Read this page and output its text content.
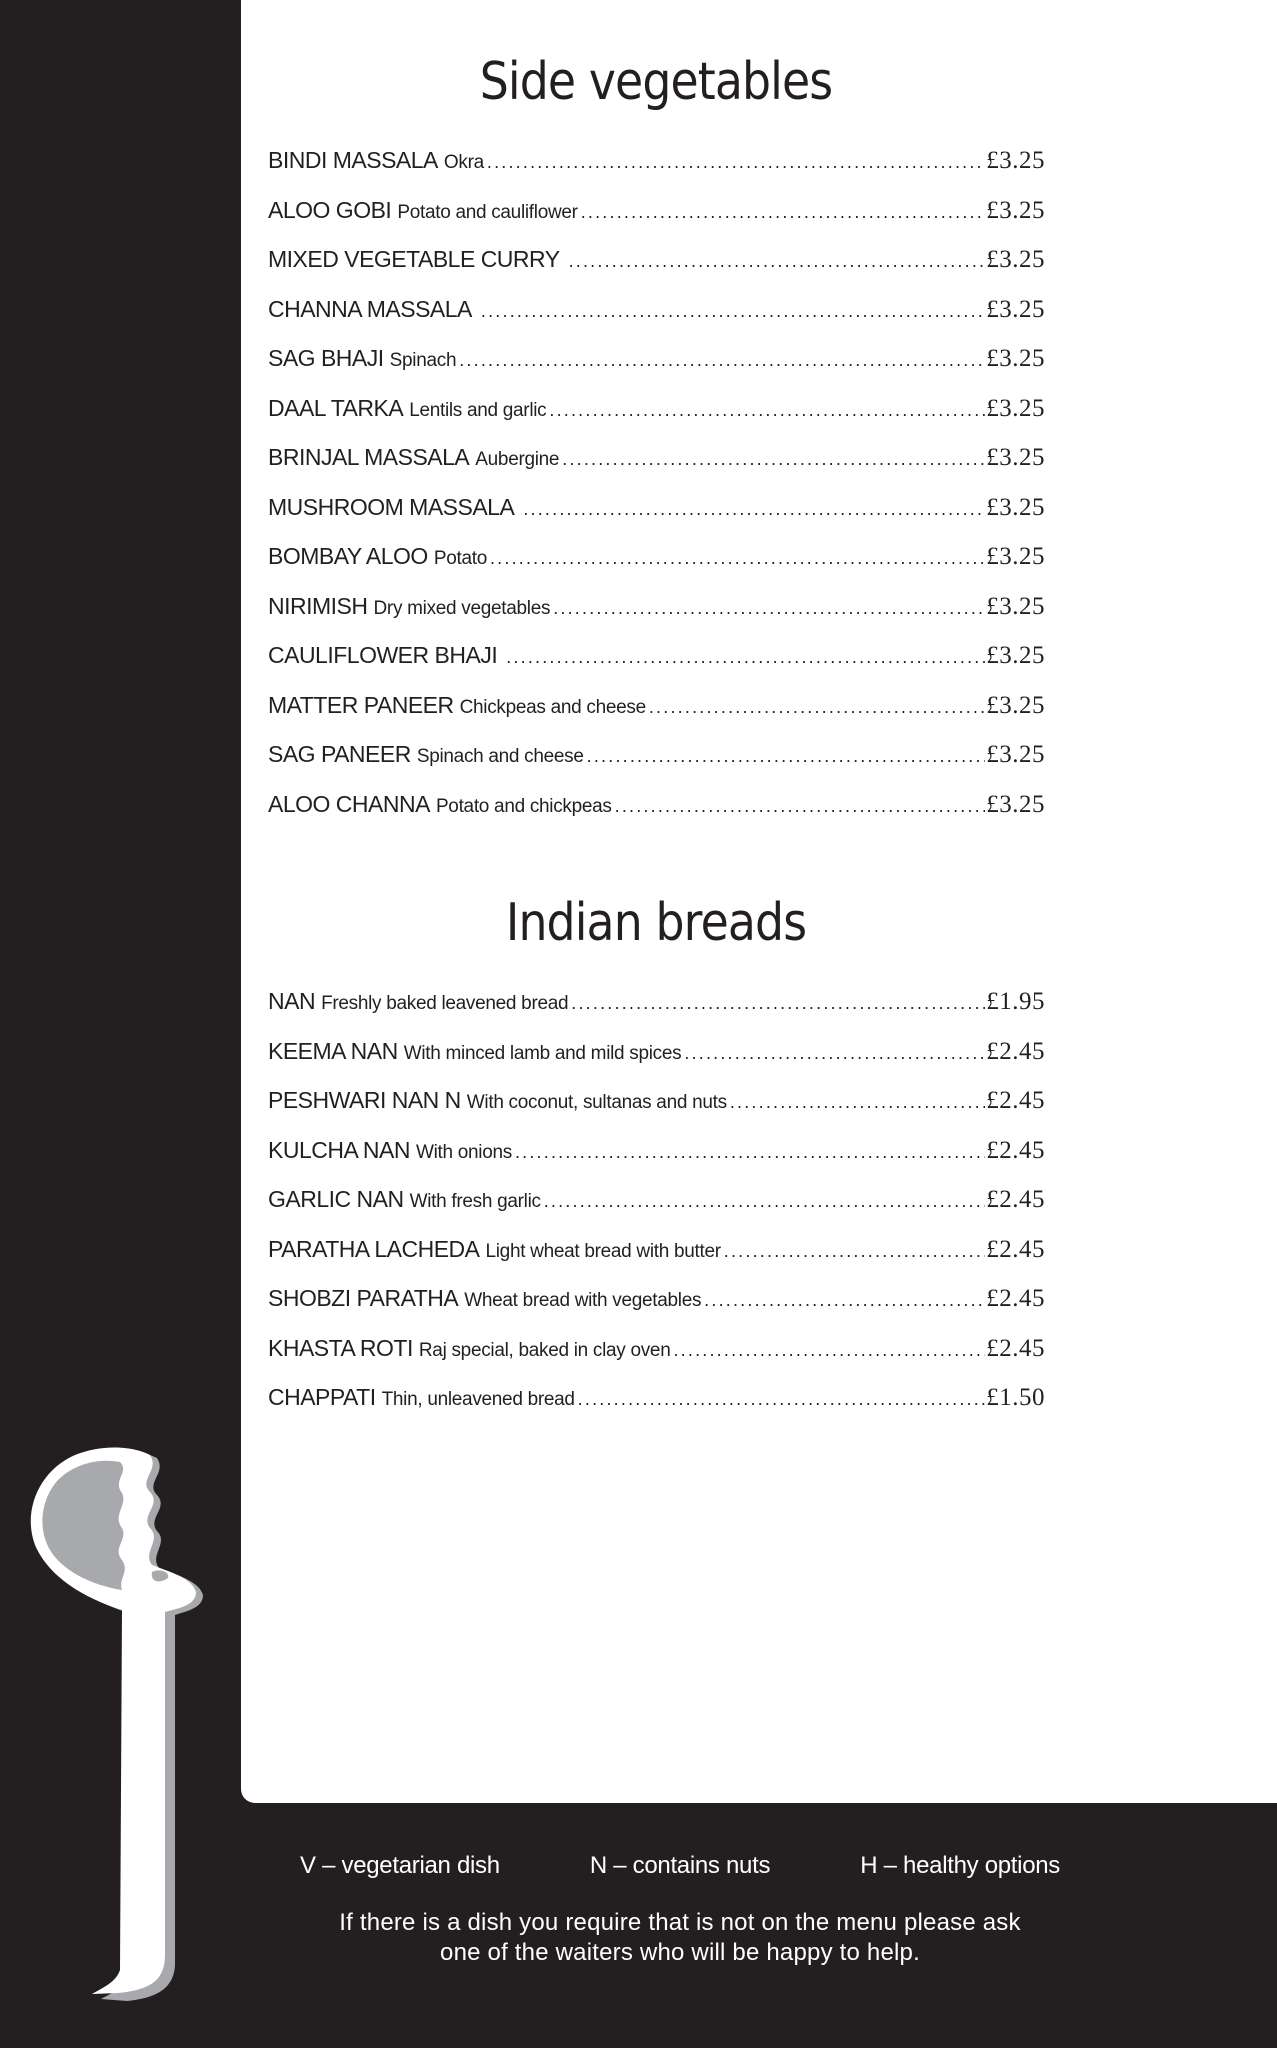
Side vegetables
BINDI MASSALA Okra .....	£3.25
ALOO GOBI Potato and cauliflower .....	£3.25
MIXED VEGETABLE CURRY .....	£3.25
CHANNA MASSALA .....	£3.25
SAG BHAJI Spinach .....	£3.25
DAAL TARKA Lentils and garlic .....	£3.25
BRINJAL MASSALA Aubergine .....	£3.25
MUSHROOM MASSALA .....	£3.25
BOMBAY ALOO Potato .....	£3.25
NIRIMISH Dry mixed vegetables .....	£3.25
CAULIFLOWER BHAJI .....	£3.25
MATTER PANEER Chickpeas and cheese .....	£3.25
SAG PANEER Spinach and cheese .....	£3.25
ALOO CHANNA Potato and chickpeas .....	£3.25
Indian breads
NAN Freshly baked leavened bread .....	£1.95
KEEMA NAN With minced lamb and mild spices .....	£2.45
PESHWARI NAN N With coconut, sultanas and nuts .....	£2.45
KULCHA NAN With onions .....	£2.45
GARLIC NAN With fresh garlic .....	£2.45
PARATHA LACHEDA Light wheat bread with butter .....	£2.45
SHOBZI PARATHA Wheat bread with vegetables .....	£2.45
KHASTA ROTI Raj special, baked in clay oven .....	£2.45
CHAPPATI Thin, unleavened bread .....	£1.50
V – vegetarian dish	N – contains nuts	H – healthy options
If there is a dish you require that is not on the menu please ask
one of the waiters who will be happy to help.
